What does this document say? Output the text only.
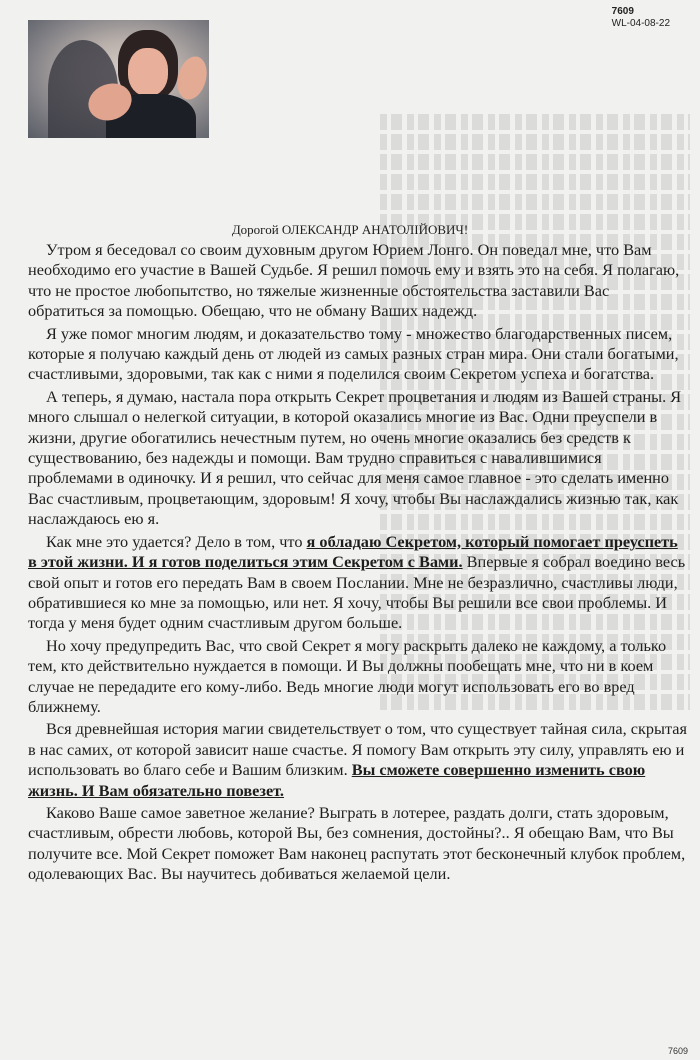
7609
WL-04-08-22
Дорогой ОЛЕКСАНДР АНАТОЛІЙОВИЧ!

Утром я беседовал со своим духовным другом Юрием Лонго. Он поведал мне, что Вам необходимо его участие в Вашей Судьбе. Я решил помочь ему и взять это на себя. Я полагаю, что не простое любопытство, но тяжелые жизненные обстоятельства заставили Вас обратиться за помощью. Обещаю, что не обману Ваших надежд.

Я уже помог многим людям, и доказательство тому - множество благодарственных писем, которые я получаю каждый день от людей из самых разных стран мира. Они стали богатыми, счастливыми, здоровыми, так как с ними я поделился своим Секретом успеха и богатства.

А теперь, я думаю, настала пора открыть Секрет процветания и людям из Вашей страны. Я много слышал о нелегкой ситуации, в которой оказались многие из Вас. Одни преуспели в жизни, другие обогатились нечестным путем, но очень многие оказались без средств к существованию, без надежды и помощи. Вам трудно справиться с навалившимися проблемами в одиночку. И я решил, что сейчас для меня самое главное - это сделать именно Вас счастливым, процветающим, здоровым! Я хочу, чтобы Вы наслаждались жизнью так, как наслаждаюсь ею я.

Как мне это удается? Дело в том, что я обладаю Секретом, который помогает преуспеть в этой жизни. И я готов поделиться этим Секретом с Вами. Впервые я собрал воедино весь свой опыт и готов его передать Вам в своем Послании. Мне не безразлично, счастливы люди, обратившиеся ко мне за помощью, или нет. Я хочу, чтобы Вы решили все свои проблемы. И тогда у меня будет одним счастливым другом больше.

Но хочу предупредить Вас, что свой Секрет я могу раскрыть далеко не каждому, а только тем, кто действительно нуждается в помощи. И Вы должны пообещать мне, что ни в коем случае не передадите его кому-либо. Ведь многие люди могут использовать его во вред ближнему.

Вся древнейшая история магии свидетельствует о том, что существует тайная сила, скрытая в нас самих, от которой зависит наше счастье. Я помогу Вам открыть эту силу, управлять ею и использовать во благо себе и Вашим близким. Вы сможете совершенно изменить свою жизнь. И Вам обязательно повезет.

Каково Ваше самое заветное желание? Выграть в лотерее, раздать долги, стать здоровым, счастливым, обрести любовь, которой Вы, без сомнения, достойны?.. Я обещаю Вам, что Вы получите все. Мой Секрет поможет Вам наконец распутать этот бесконечный клубок проблем, одолевающих Вас. Вы научитесь добиваться желаемой цели.

7609
